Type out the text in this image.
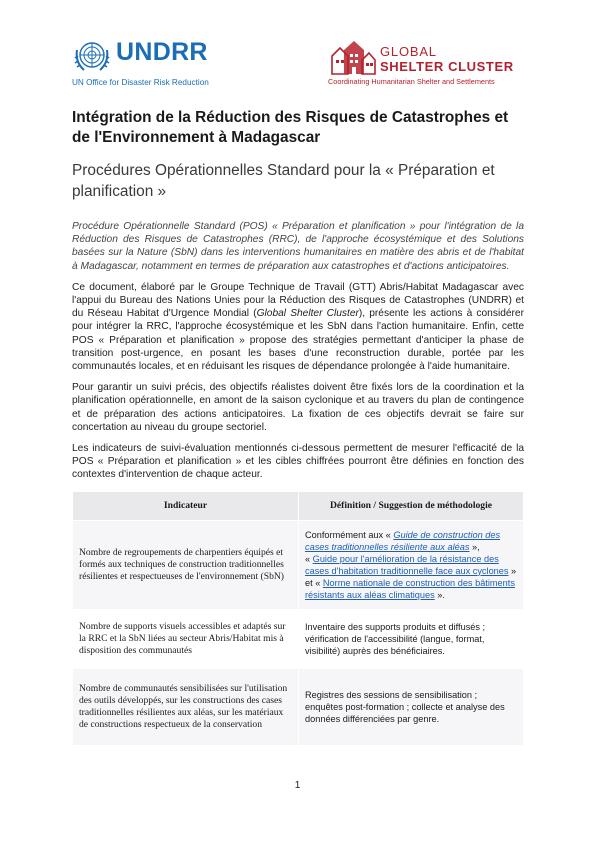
UNDRR
UN Office for Disaster Risk Reduction
GLOBAL
SHELTER CLUSTER
Coordinating Humanitarian Shelter and Settlements
Intégration de la Réduction des Risques de Catastrophes et de l'Environnement à Madagascar
Procédures Opérationnelles Standard pour la « Préparation et planification »

Procédure Opérationnelle Standard (POS) « Préparation et planification » pour l'intégration de la Réduction des Risques de Catastrophes (RRC), de l'approche écosystémique et des Solutions basées sur la Nature (SbN) dans les interventions humanitaires en matière des abris et de l'habitat à Madagascar, notamment en termes de préparation aux catastrophes et d'actions anticipatoires.

Ce document, élaboré par le Groupe Technique de Travail (GTT) Abris/Habitat Madagascar avec l'appui du Bureau des Nations Unies pour la Réduction des Risques de Catastrophes (UNDRR) et du Réseau Habitat d'Urgence Mondial (Global Shelter Cluster), présente les actions à considérer pour intégrer la RRC, l'approche écosystémique et les SbN dans l'action humanitaire. Enfin, cette POS « Préparation et planification » propose des stratégies permettant d'anticiper la phase de transition post-urgence, en posant les bases d'une reconstruction durable, portée par les communautés locales, et en réduisant les risques de dépendance prolongée à l'aide humanitaire.

Pour garantir un suivi précis, des objectifs réalistes doivent être fixés lors de la coordination et la planification opérationnelle, en amont de la saison cyclonique et au travers du plan de contingence et de préparation des actions anticipatoires. La fixation de ces objectifs devrait se faire sur concertation au niveau du groupe sectoriel.

Les indicateurs de suivi-évaluation mentionnés ci-dessous permettent de mesurer l'efficacité de la POS « Préparation et planification » et les cibles chiffrées pourront être définies en fonction des contextes d'intervention de chaque acteur.

Indicateur	Définition / Suggestion de méthodologie
Nombre de regroupements de charpentiers équipés et formés aux techniques de construction traditionnelles résilientes et respectueuses de l'environnement (SbN)	Conformément aux « Guide de construction des cases traditionnelles résiliente aux aléas »,
« Guide pour l'amélioration de la résistance des cases d'habitation traditionnelle face aux cyclones » et « Norme nationale de construction des bâtiments résistants aux aléas climatiques ».
Nombre de supports visuels accessibles et adaptés sur la RRC et la SbN liées au secteur Abris/Habitat mis à disposition des communautés	Inventaire des supports produits et diffusés ; vérification de l'accessibilité (langue, format, visibilité) auprès des bénéficiaires.
Nombre de communautés sensibilisées sur l'utilisation des outils développés, sur les constructions des cases traditionnelles résilientes aux aléas, sur les matériaux de constructions respectueux de la conservation	Registres des sessions de sensibilisation ; enquêtes post-formation ; collecte et analyse des données différenciées par genre.
1
